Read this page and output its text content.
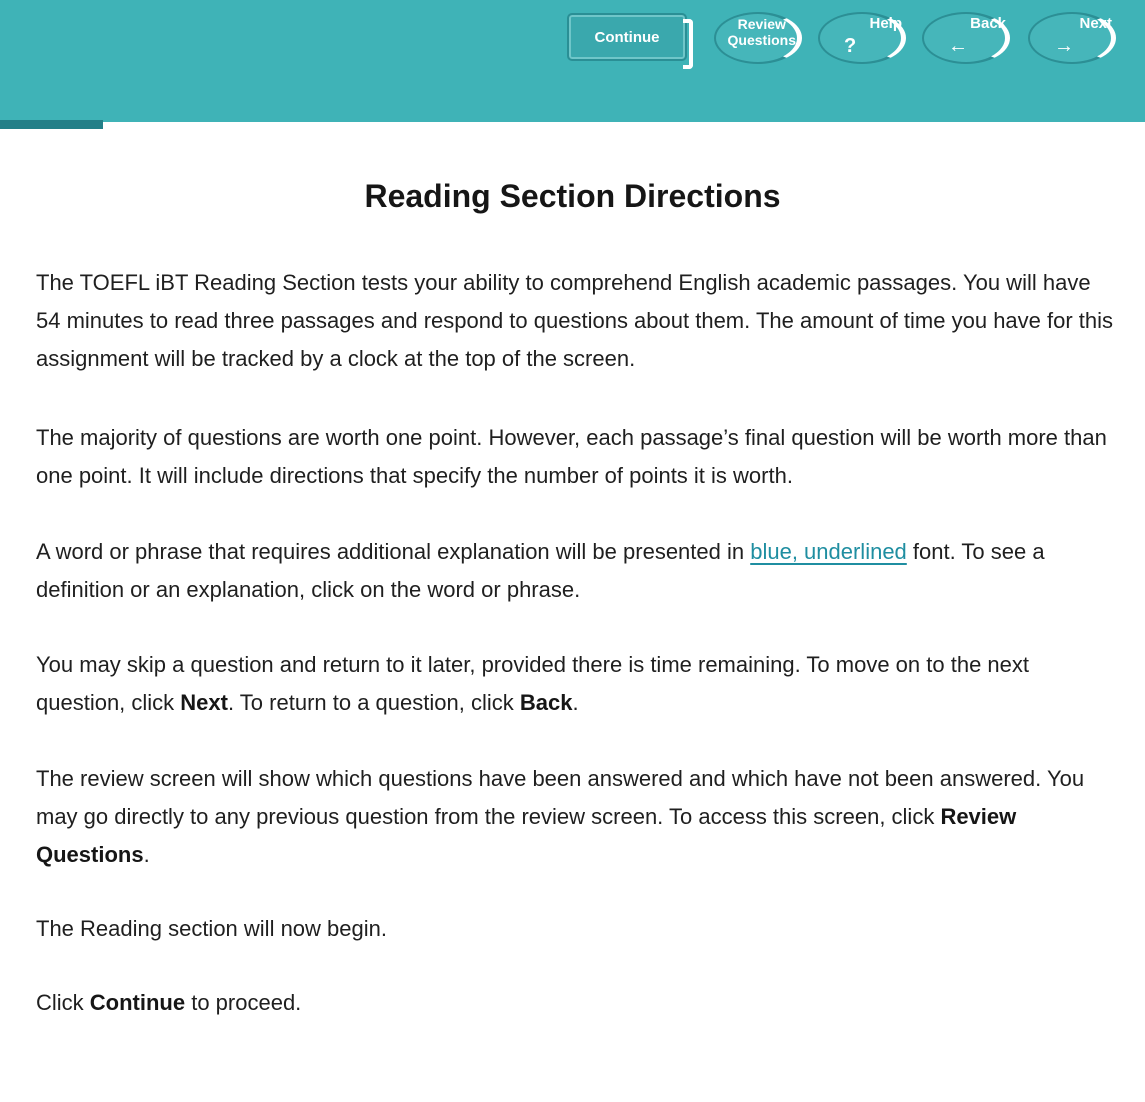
Continue
Review
Questions
Help
?
Back
←
Next
→
Reading Section Directions

The TOEFL iBT Reading Section tests your ability to comprehend English academic passages. You will have 54 minutes to read three passages and respond to questions about them. The amount of time you have for this assignment will be tracked by a clock at the top of the screen.

The majority of questions are worth one point. However, each passage’s final question will be worth more than one point. It will include directions that specify the number of points it is worth.

A word or phrase that requires additional explanation will be presented in blue, underlined font. To see a definition or an explanation, click on the word or phrase.

You may skip a question and return to it later, provided there is time remaining. To move on to the next question, click Next. To return to a question, click Back.

The review screen will show which questions have been answered and which have not been answered. You may go directly to any previous question from the review screen. To access this screen, click Review Questions.

The Reading section will now begin.

Click Continue to proceed.
